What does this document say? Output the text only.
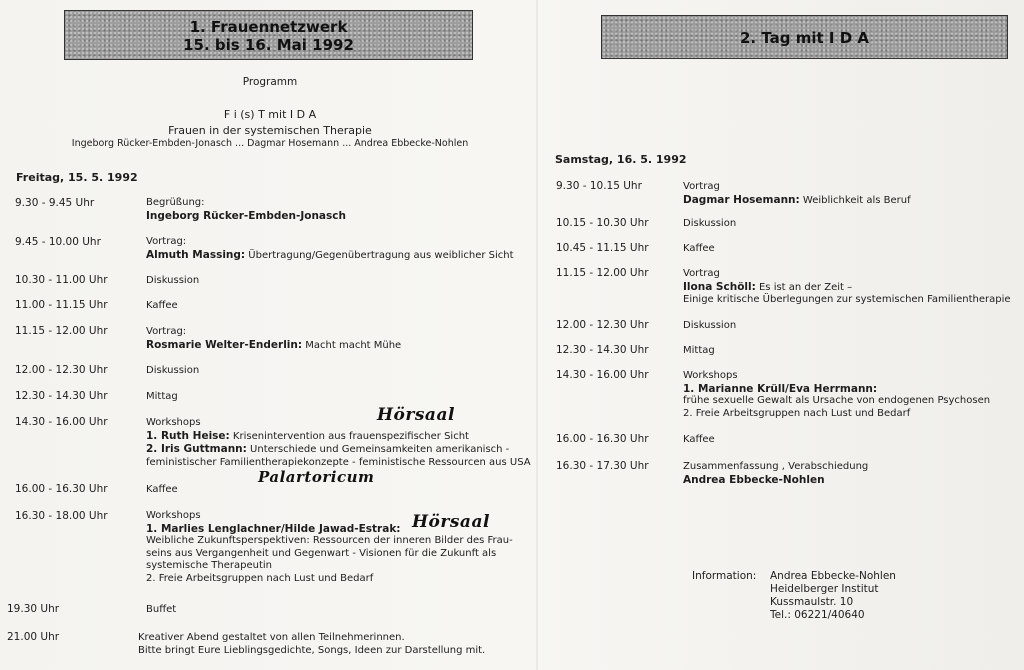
1. Frauennetzwerk
15. bis 16. Mai 1992
Programm
F i (s) T mit I D A
Frauen in der systemischen Therapie
Ingeborg Rücker-Embden-Jonasch ... Dagmar Hosemann ... Andrea Ebbecke-Nohlen
Freitag, 15. 5. 1992
9.30 - 9.45 Uhr	Begrüßung:
Ingeborg Rücker-Embden-Jonasch
9.45 - 10.00 Uhr	Vortrag:
Almuth Massing: Übertragung/Gegenübertragung aus weiblicher Sicht
10.30 - 11.00 Uhr	Diskussion
11.00 - 11.15 Uhr	Kaffee
11.15 - 12.00 Uhr	Vortrag:
Rosmarie Welter-Enderlin: Macht macht Mühe
12.00 - 12.30 Uhr	Diskussion
12.30 - 14.30 Uhr	Mittag
14.30 - 16.00 Uhr	Workshops
1. Ruth Heise: Krisenintervention aus frauenspezifischer Sicht
2. Iris Guttmann: Unterschiede und Gemeinsamkeiten amerikanisch -
feministischer Familientherapiekonzepte - feministische Ressourcen aus USA
16.00 - 16.30 Uhr	Kaffee
16.30 - 18.00 Uhr	Workshops
1. Marlies Lenglachner/Hilde Jawad-Estrak:
Weibliche Zukunftsperspektiven: Ressourcen der inneren Bilder des Frau-
seins aus Vergangenheit und Gegenwart - Visionen für die Zukunft als
systemische Therapeutin
2. Freie Arbeitsgruppen nach Lust und Bedarf
19.30 Uhr	Buffet
21.00 Uhr	Kreativer Abend gestaltet von allen Teilnehmerinnen.
Bitte bringt Eure Lieblingsgedichte, Songs, Ideen zur Darstellung mit.
Hörsaal
Palartoricum
Hörsaal
2. Tag mit I D A
Samstag, 16. 5. 1992
9.30 - 10.15 Uhr	Vortrag
Dagmar Hosemann: Weiblichkeit als Beruf
10.15 - 10.30 Uhr	Diskussion
10.45 - 11.15 Uhr	Kaffee
11.15 - 12.00 Uhr	Vortrag
Ilona Schöll: Es ist an der Zeit –
Einige kritische Überlegungen zur systemischen Familientherapie
12.00 - 12.30 Uhr	Diskussion
12.30 - 14.30 Uhr	Mittag
14.30 - 16.00 Uhr	Workshops
1. Marianne Krüll/Eva Herrmann:
frühe sexuelle Gewalt als Ursache von endogenen Psychosen
2. Freie Arbeitsgruppen nach Lust und Bedarf
16.00 - 16.30 Uhr	Kaffee
16.30 - 17.30 Uhr	Zusammenfassung , Verabschiedung
Andrea Ebbecke-Nohlen
Information: Andrea Ebbecke-Nohlen
Heidelberger Institut
Kussmaulstr. 10
Tel.: 06221/40640
